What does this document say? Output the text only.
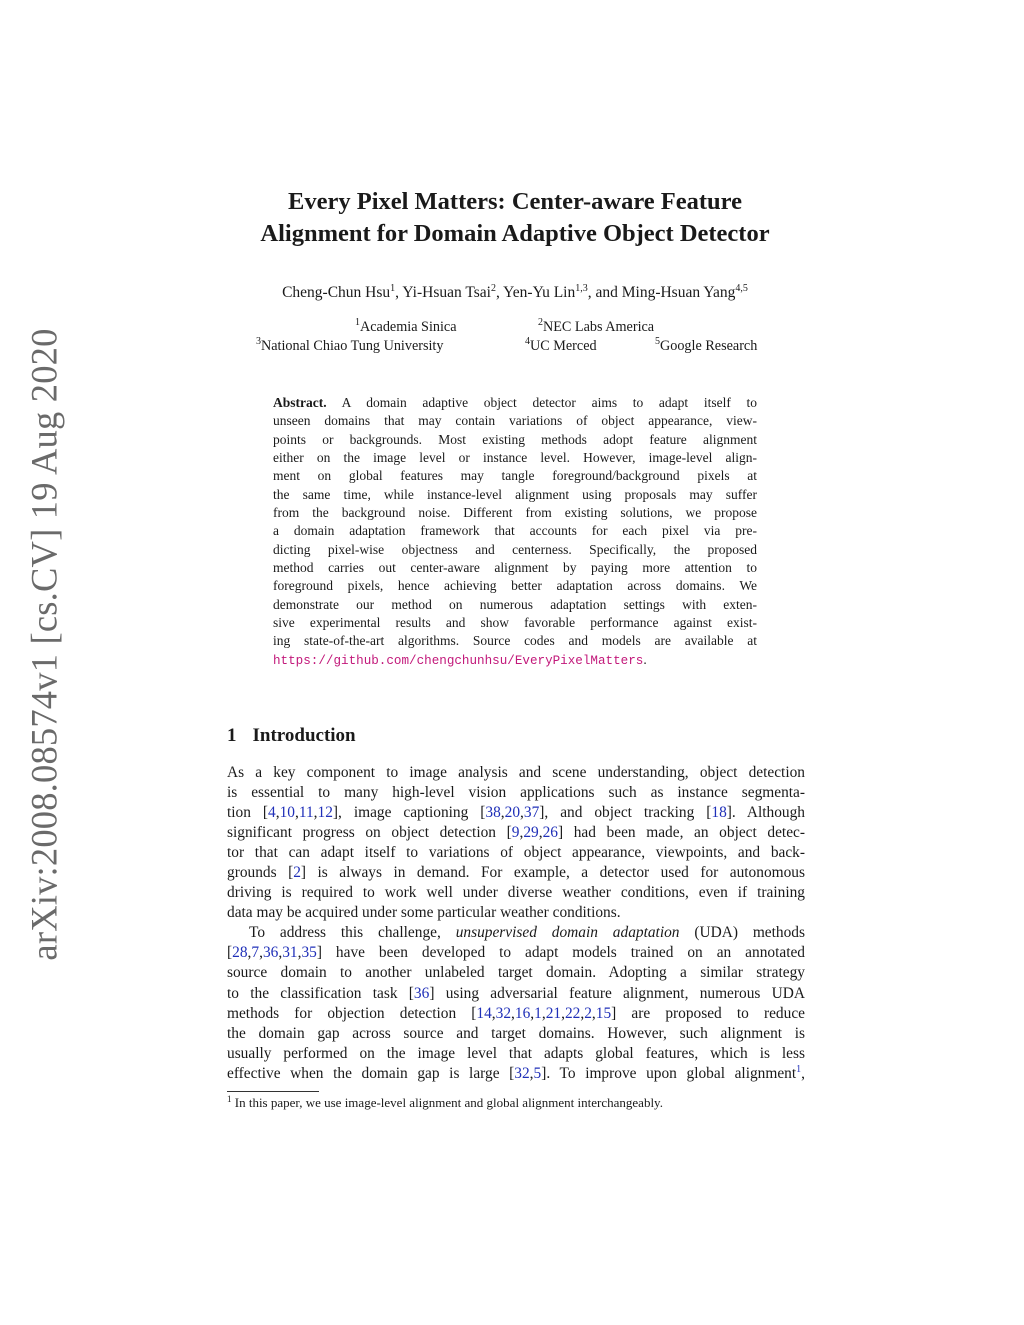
arXiv:2008.08574v1 [cs.CV] 19 Aug 2020
Every Pixel Matters: Center-aware Feature
Alignment for Domain Adaptive Object Detector
Cheng-Chun Hsu$^1$, Yi-Hsuan Tsai$^2$, Yen-Yu Lin$^{1,3}$, and Ming-Hsuan Yang$^{4,5}$
$^1$Academia Sinica	$^2$NEC Labs America
$^3$National Chiao Tung University	$^4$UC Merced	$^5$Google Research
Abstract. A domain adaptive object detector aims to adapt itself to
unseen domains that may contain variations of object appearance, view-
points or backgrounds. Most existing methods adopt feature alignment
either on the image level or instance level. However, image-level align-
ment on global features may tangle foreground/background pixels at
the same time, while instance-level alignment using proposals may suffer
from the background noise. Different from existing solutions, we propose
a domain adaptation framework that accounts for each pixel via pre-
dicting pixel-wise objectness and centerness. Specifically, the proposed
method carries out center-aware alignment by paying more attention to
foreground pixels, hence achieving better adaptation across domains. We
demonstrate our method on numerous adaptation settings with exten-
sive experimental results and show favorable performance against exist-
ing state-of-the-art algorithms. Source codes and models are available at
https://github.com/chengchunhsu/EveryPixelMatters.
1 Introduction
As a key component to image analysis and scene understanding, object detection
is essential to many high-level vision applications such as instance segmenta-
tion [4,10,11,12], image captioning [38,20,37], and object tracking [18]. Although
significant progress on object detection [9,29,26] had been made, an object detec-
tor that can adapt itself to variations of object appearance, viewpoints, and back-
grounds [2] is always in demand. For example, a detector used for autonomous
driving is required to work well under diverse weather conditions, even if training
data may be acquired under some particular weather conditions.
To address this challenge, unsupervised domain adaptation (UDA) methods
[28,7,36,31,35] have been developed to adapt models trained on an annotated
source domain to another unlabeled target domain. Adopting a similar strategy
to the classification task [36] using adversarial feature alignment, numerous UDA
methods for objection detection [14,32,16,1,21,22,2,15] are proposed to reduce
the domain gap across source and target domains. However, such alignment is
usually performed on the image level that adapts global features, which is less
effective when the domain gap is large [32,5]. To improve upon global alignment$^1$,
$^1$ In this paper, we use image-level alignment and global alignment interchangeably.
